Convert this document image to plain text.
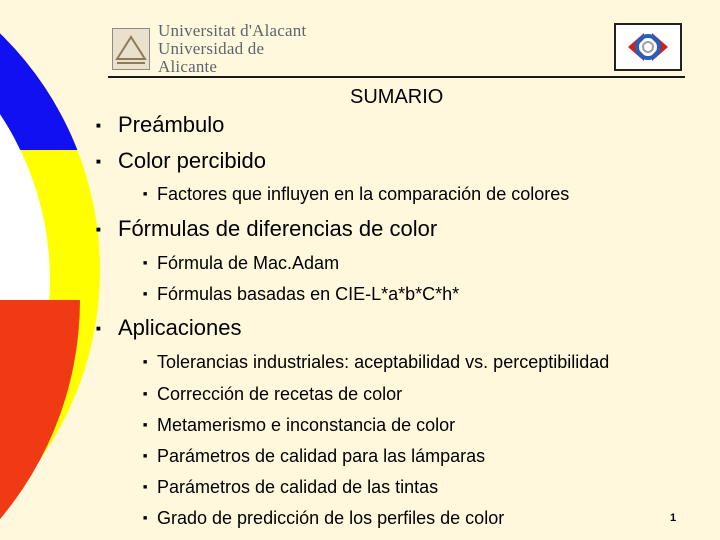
Universitat d'Alacant
Universidad de Alicante
SUMARIO
■ Preámbulo
■ Color percibido
■ Factores que influyen en la comparación de colores
■ Fórmulas de diferencias de color
■ Fórmula de Mac.Adam
■ Fórmulas basadas en CIE-L*a*b*C*h*
■ Aplicaciones
■ Tolerancias industriales: aceptabilidad vs. perceptibilidad
■ Corrección de recetas de color
■ Metamerismo e inconstancia de color
■ Parámetros de calidad para las lámparas
■ Parámetros de calidad de las tintas
■ Grado de predicción de los perfiles de color	1
